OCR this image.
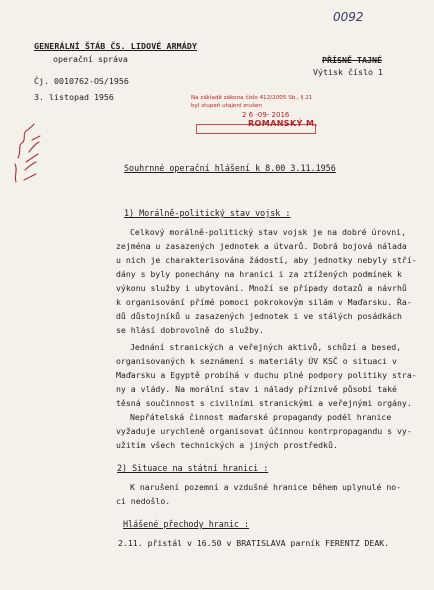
0092
GENERÁLNÍ ŠTÁB ČS. LIDOVÉ ARMÁDY
operační správa	PŘÍSNĚ TAJNÉ
Výtisk číslo 1
Čj. 0010762-OS/1956
3. listopad 1956	Na základě zákona číslo 412/2005 Sb., § 21
byl stupeň utajení zrušen
2 6 -09- 2016
ROMANSKÝ M.
Souhrnné operační hlášení k 8.00 3.11.1956
1) Morálně-politický stav vojsk :
Celkový morálně-politický stav vojsk je na dobré úrovni,
zejména u zasazených jednotek a útvarů. Dobrá bojová nálada
u nich je charakterisována žádostí, aby jednotky nebyly stří-
dány s byly ponechány na hranici i za ztížených podmínek k
výkonu služby i ubytování. Množí se případy dotazů a návrhů
k organisování přímé pomoci pokrokovým silám v Maďarsku. Řa-
dů důstojníků u zasazených jednotek i ve stálých posádkách
se hlásí dobrovolně do služby.
Jednání stranických a veřejných aktivů, schůzí a besed,
organisovaných k seznámení s materiály ÚV KSČ o situaci v
Maďarsku a Egyptě probíhá v duchu plné podpory politiky stra-
ny a vlády. Na morální stav i nálady příznivě působí také
těsná součinnost s civilními stranickými a veřejnými orgány.
Nepřátelská činnost maďarské propagandy podél hranice
vyžaduje urychleně organisovat účinnou kontrpropagandu s vy-
užitím všech technických a jiných prostředků.
2) Situace na státní hranici :
K narušení pozemní a vzdušné hranice během uplynulé no-
ci nedošlo.
Hlášené přechody hranic :
2.11. přistál v 16.50 v BRATISLAVA parník FERENTZ DEAK.
